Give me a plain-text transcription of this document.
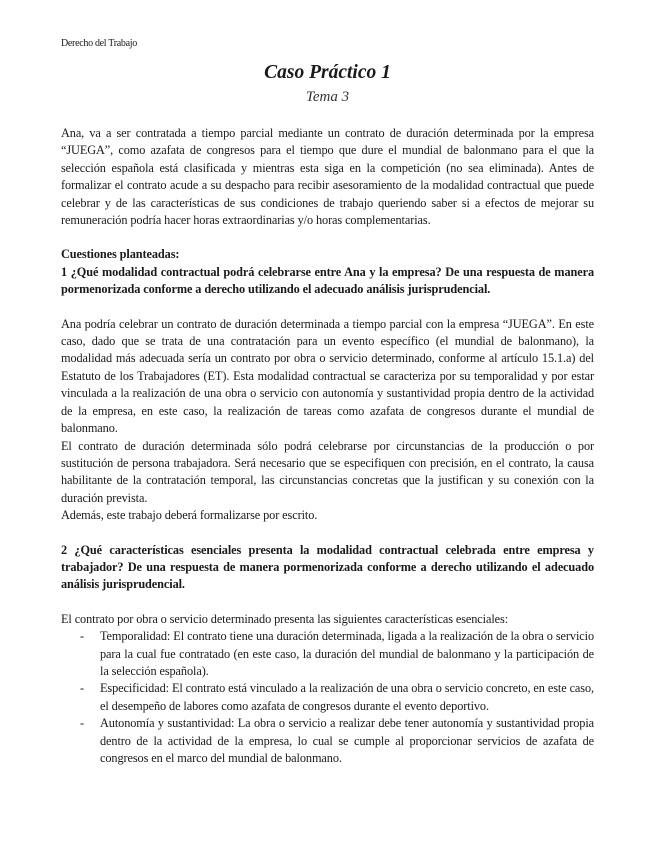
Derecho del Trabajo
Caso Práctico 1
Tema 3

Ana, va a ser contratada a tiempo parcial mediante un contrato de duración determinada por la empresa “JUEGA”, como azafata de congresos para el tiempo que dure el mundial de balonmano para el que la selección española está clasificada y mientras esta siga en la competición (no sea eliminada). Antes de formalizar el contrato acude a su despacho para recibir asesoramiento de la modalidad contractual que puede celebrar y de las características de sus condiciones de trabajo queriendo saber si a efectos de mejorar su remuneración podría hacer horas extraordinarias y/o horas complementarias.

Cuestiones planteadas:

1 ¿Qué modalidad contractual podrá celebrarse entre Ana y la empresa? De una respuesta de manera pormenorizada conforme a derecho utilizando el adecuado análisis jurisprudencial.

Ana podría celebrar un contrato de duración determinada a tiempo parcial con la empresa “JUEGA”. En este caso, dado que se trata de una contratación para un evento específico (el mundial de balonmano), la modalidad más adecuada sería un contrato por obra o servicio determinado, conforme al artículo 15.1.a) del Estatuto de los Trabajadores (ET). Esta modalidad contractual se caracteriza por su temporalidad y por estar vinculada a la realización de una obra o servicio con autonomía y sustantividad propia dentro de la actividad de la empresa, en este caso, la realización de tareas como azafata de congresos durante el mundial de balonmano.

El contrato de duración determinada sólo podrá celebrarse por circunstancias de la producción o por sustitución de persona trabajadora. Será necesario que se especifiquen con precisión, en el contrato, la causa habilitante de la contratación temporal, las circunstancias concretas que la justifican y su conexión con la duración prevista.

Además, este trabajo deberá formalizarse por escrito.

2 ¿Qué características esenciales presenta la modalidad contractual celebrada entre empresa y trabajador? De una respuesta de manera pormenorizada conforme a derecho utilizando el adecuado análisis jurisprudencial.

El contrato por obra o servicio determinado presenta las siguientes características esenciales:

- Temporalidad: El contrato tiene una duración determinada, ligada a la realización de la obra o servicio para la cual fue contratado (en este caso, la duración del mundial de balonmano y la participación de la selección española).
- Especificidad: El contrato está vinculado a la realización de una obra o servicio concreto, en este caso, el desempeño de labores como azafata de congresos durante el evento deportivo.
- Autonomía y sustantividad: La obra o servicio a realizar debe tener autonomía y sustantividad propia dentro de la actividad de la empresa, lo cual se cumple al proporcionar servicios de azafata de congresos en el marco del mundial de balonmano.
